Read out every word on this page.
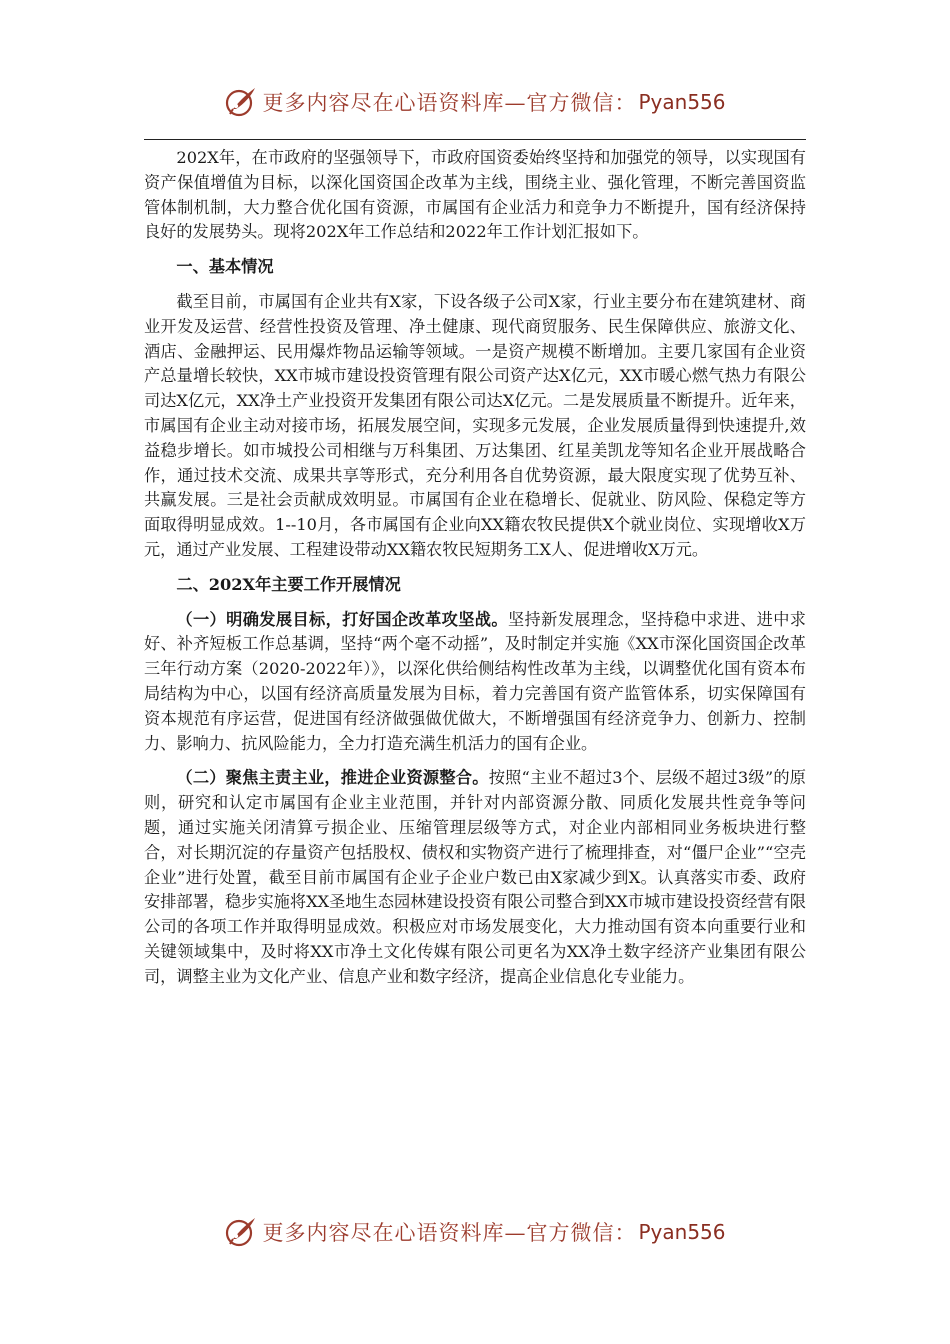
更多内容尽在心语资料库—官方微信： Pyan556

202X年，在市政府的坚强领导下，市政府国资委始终坚持和加强党的领导，以实现国有资产保值增值为目标，以深化国资国企改革为主线，围绕主业、强化管理，不断完善国资监管体制机制，大力整合优化国有资源，市属国有企业活力和竞争力不断提升，国有经济保持良好的发展势头。现将202X年工作总结和2022年工作计划汇报如下。

一、基本情况

截至目前，市属国有企业共有X家，下设各级子公司X家，行业主要分布在建筑建材、商业开发及运营、经营性投资及管理、净土健康、现代商贸服务、民生保障供应、旅游文化、酒店、金融押运、民用爆炸物品运输等领域。一是资产规模不断增加。主要几家国有企业资产总量增长较快，XX市城市建设投资管理有限公司资产达X亿元，XX市暖心燃气热力有限公司达X亿元，XX净土产业投资开发集团有限公司达X亿元。二是发展质量不断提升。近年来，市属国有企业主动对接市场，拓展发展空间，实现多元发展，企业发展质量得到快速提升,效益稳步增长。如市城投公司相继与万科集团、万达集团、红星美凯龙等知名企业开展战略合作，通过技术交流、成果共享等形式，充分利用各自优势资源，最大限度实现了优势互补、共赢发展。三是社会贡献成效明显。市属国有企业在稳增长、促就业、防风险、保稳定等方面取得明显成效。1--10月，各市属国有企业向XX籍农牧民提供X个就业岗位、实现增收X万元，通过产业发展、工程建设带动XX籍农牧民短期务工X人、促进增收X万元。

二、202X年主要工作开展情况

（一）明确发展目标，打好国企改革攻坚战。坚持新发展理念，坚持稳中求进、进中求好、补齐短板工作总基调，坚持“两个毫不动摇”，及时制定并实施《XX市深化国资国企改革三年行动方案（2020-2022年）》，以深化供给侧结构性改革为主线，以调整优化国有资本布局结构为中心，以国有经济高质量发展为目标，着力完善国有资产监管体系，切实保障国有资本规范有序运营，促进国有经济做强做优做大，不断增强国有经济竞争力、创新力、控制力、影响力、抗风险能力，全力打造充满生机活力的国有企业。

（二）聚焦主责主业，推进企业资源整合。按照“主业不超过3个、层级不超过3级”的原则，研究和认定市属国有企业主业范围，并针对内部资源分散、同质化发展共性竞争等问题，通过实施关闭清算亏损企业、压缩管理层级等方式，对企业内部相同业务板块进行整合，对长期沉淀的存量资产包括股权、债权和实物资产进行了梳理排查，对“僵尸企业”“空壳企业”进行处置，截至目前市属国有企业子企业户数已由X家减少到X。认真落实市委、政府安排部署，稳步实施将XX圣地生态园林建设投资有限公司整合到XX市城市建设投资经营有限公司的各项工作并取得明显成效。积极应对市场发展变化，大力推动国有资本向重要行业和关键领域集中，及时将XX市净土文化传媒有限公司更名为XX净土数字经济产业集团有限公司，调整主业为文化产业、信息产业和数字经济，提高企业信息化专业能力。

更多内容尽在心语资料库—官方微信： Pyan556
